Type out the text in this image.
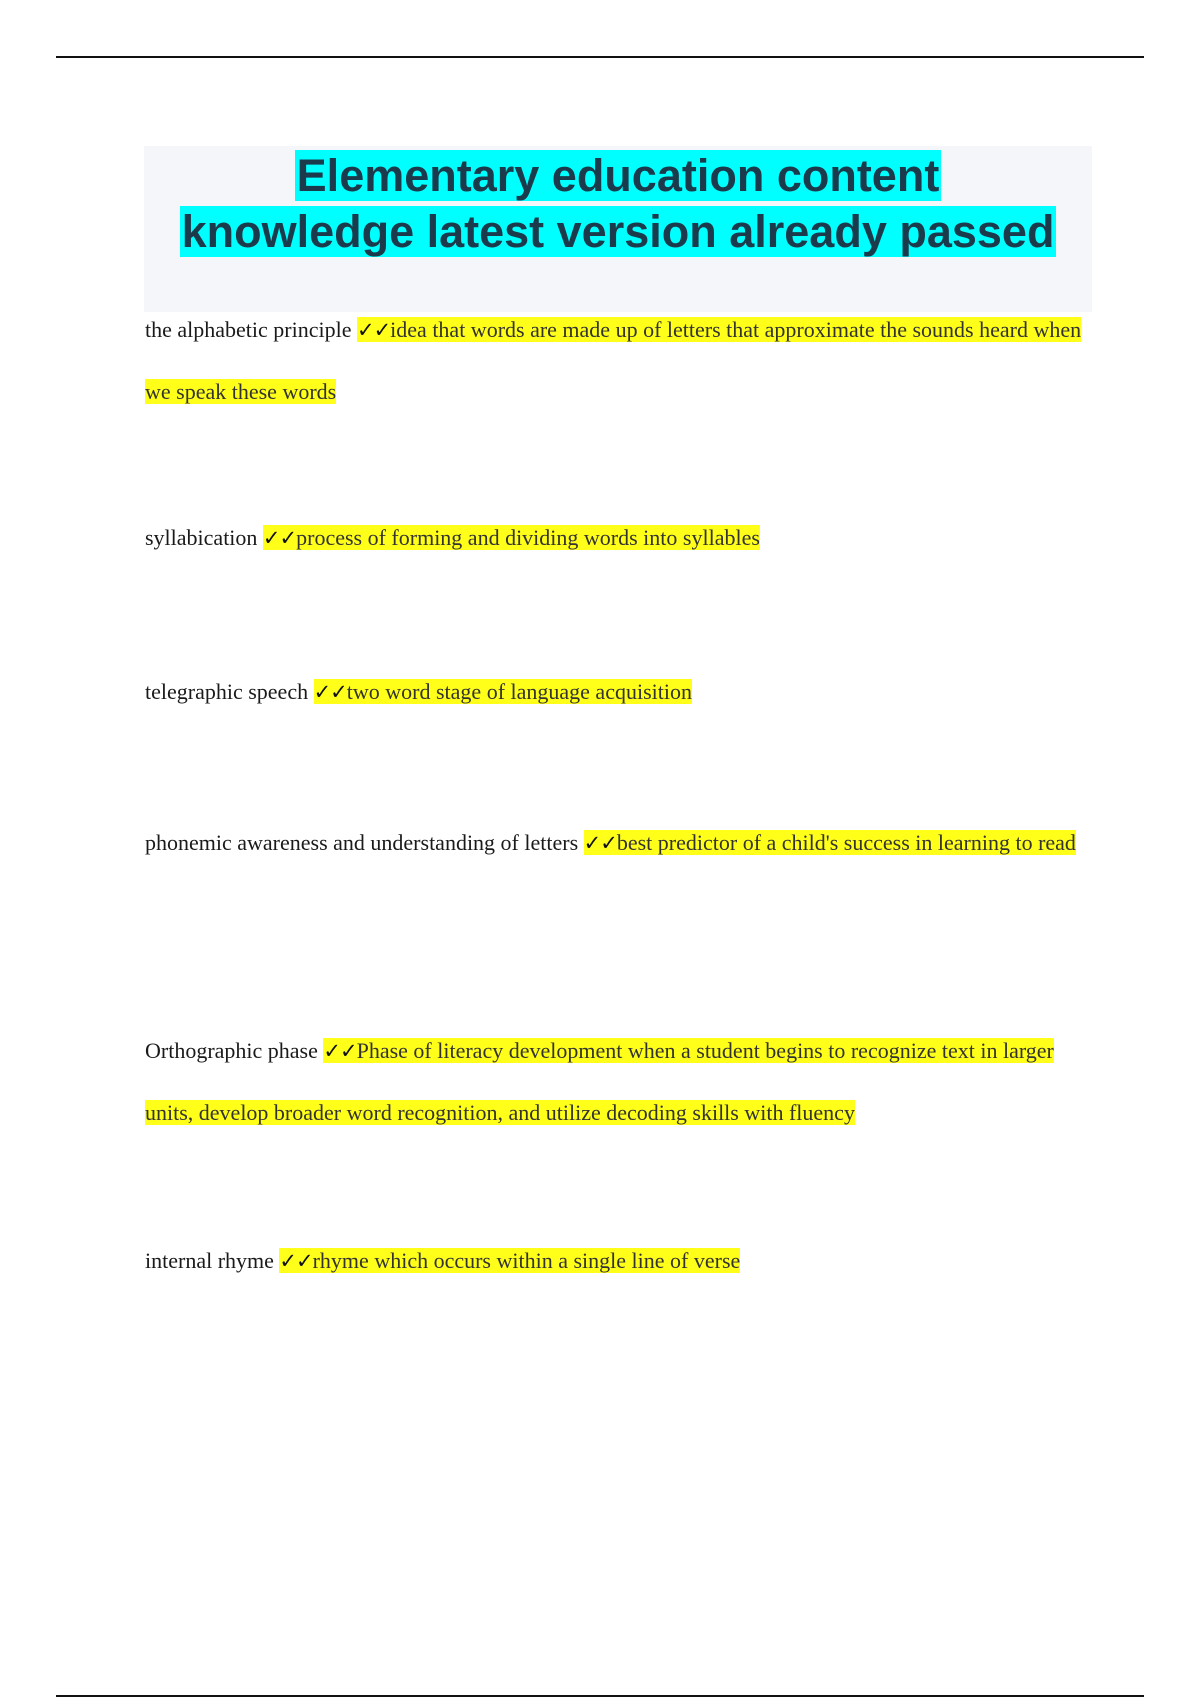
Elementary education content
knowledge latest version already passed

the alphabetic principle ✓✓idea that words are made up of letters that approximate the sounds heard when we speak these words

syllabication ✓✓process of forming and dividing words into syllables

telegraphic speech ✓✓two word stage of language acquisition

phonemic awareness and understanding of letters ✓✓best predictor of a child's success in learning to read

Orthographic phase ✓✓Phase of literacy development when a student begins to recognize text in larger units, develop broader word recognition, and utilize decoding skills with fluency

internal rhyme ✓✓rhyme which occurs within a single line of verse
